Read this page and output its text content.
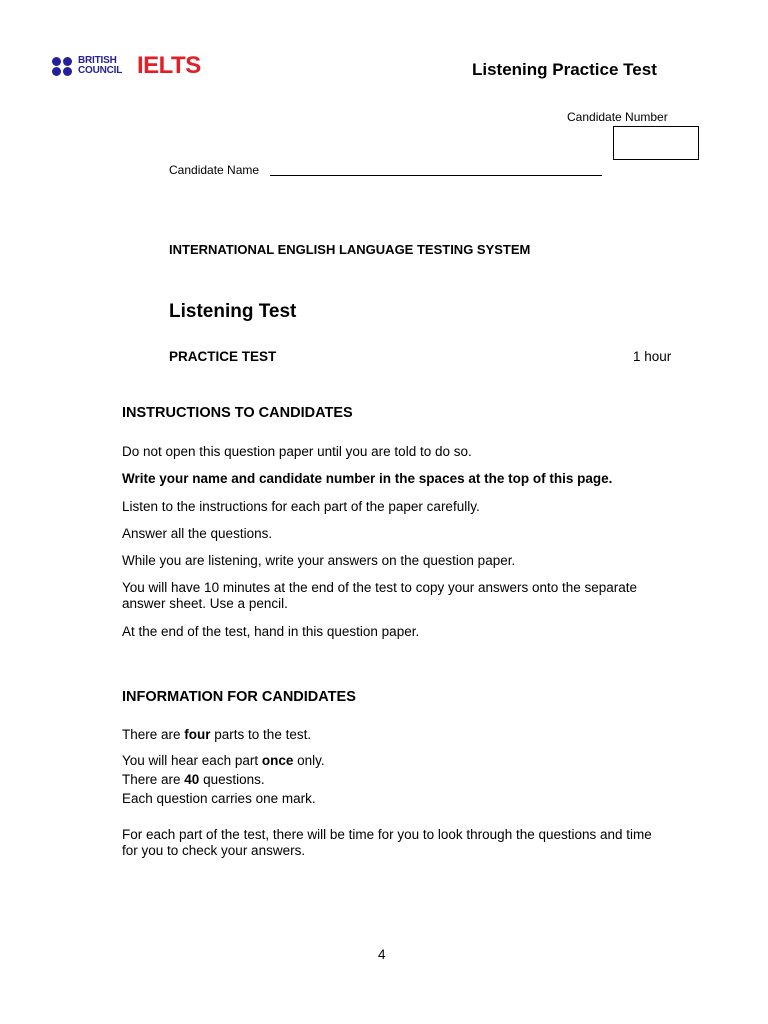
BRITISH
COUNCIL IELTS	Listening Practice Test
Candidate Number
Candidate Name
INTERNATIONAL ENGLISH LANGUAGE TESTING SYSTEM
Listening Test
PRACTICE TEST	1 hour
INSTRUCTIONS TO CANDIDATES
Do not open this question paper until you are told to do so.
Write your name and candidate number in the spaces at the top of this page.
Listen to the instructions for each part of the paper carefully.
Answer all the questions.
While you are listening, write your answers on the question paper.
You will have 10 minutes at the end of the test to copy your answers onto the separate answer sheet. Use a pencil.
At the end of the test, hand in this question paper.
INFORMATION FOR CANDIDATES
There are four parts to the test.
You will hear each part once only.
There are 40 questions.
Each question carries one mark.
For each part of the test, there will be time for you to look through the questions and time for you to check your answers.
4
